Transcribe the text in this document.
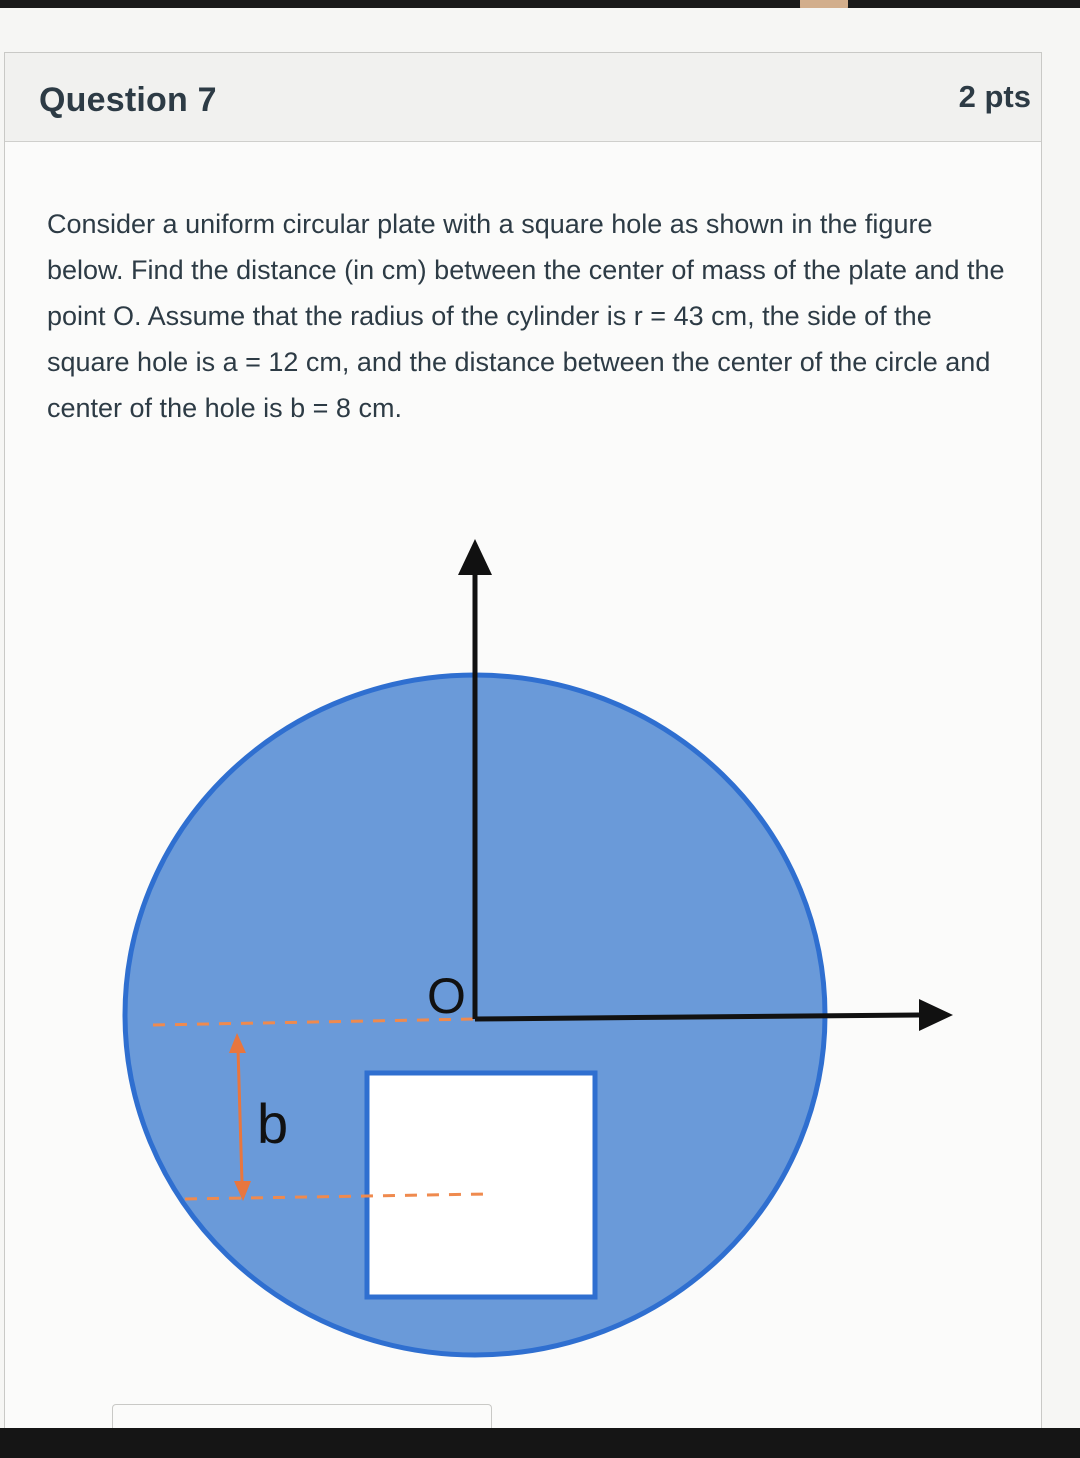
Question 7	2 pts

Consider a uniform circular plate with a square hole as shown in the figure below. Find the distance (in cm) between the center of mass of the plate and the point O. Assume that the radius of the cylinder is r = 43 cm, the side of the square hole is a = 12 cm, and the distance between the center of the circle and center of the hole is b = 8 cm.

O
b
